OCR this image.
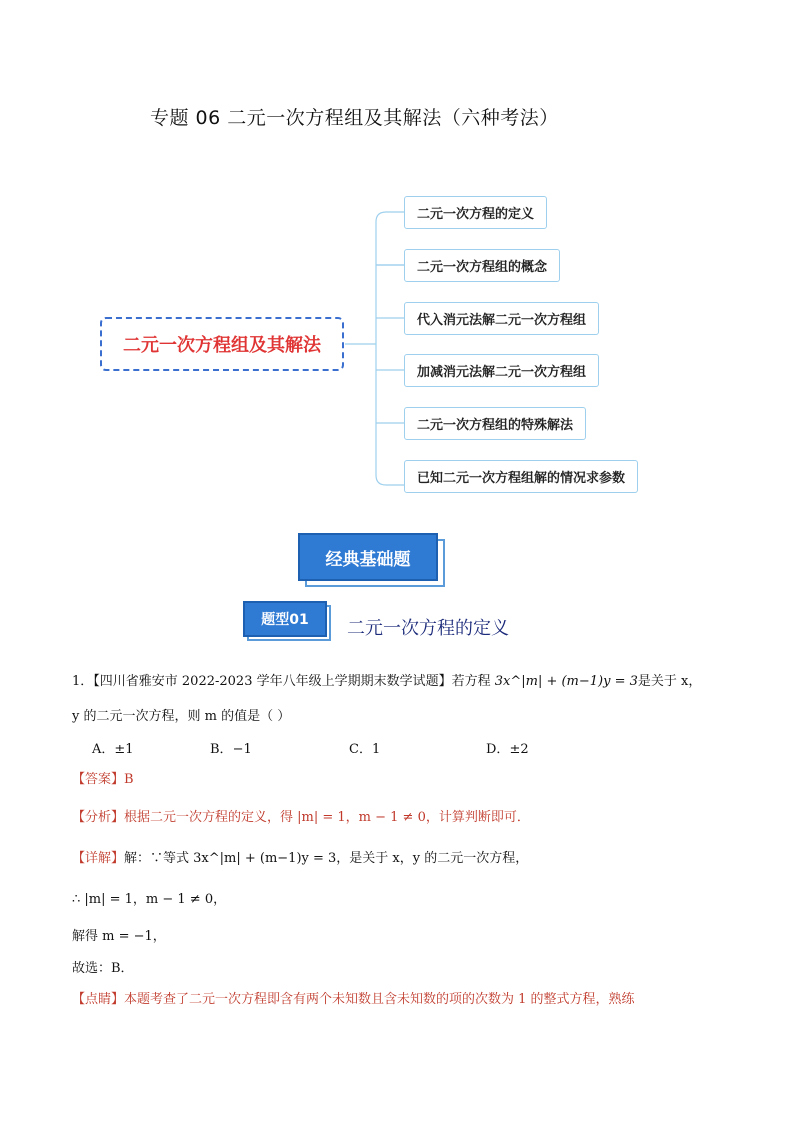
专题 06 二元一次方程组及其解法（六种考法）
二元一次方程组及其解法
二元一次方程的定义
二元一次方程组的概念
代入消元法解二元一次方程组
加减消元法解二元一次方程组
二元一次方程组的特殊解法
已知二元一次方程组解的情况求参数
经典基础题
题型01	二元一次方程的定义
1．【四川省雅安市 2022-2023 学年八年级上学期期末数学试题】若方程 3x^|m| + (m−1)y = 3是关于 x，
y 的二元一次方程，则 m 的值是（ ）
A．±1	B．−1	C．1	D．±2
【答案】B
【分析】根据二元一次方程的定义，得 |m| = 1，m − 1 ≠ 0，计算判断即可．
【详解】解：∵等式 3x^|m| + (m−1)y = 3，是关于 x，y 的二元一次方程，
∴ |m| = 1，m − 1 ≠ 0，
解得 m = −1，
故选：B．
【点睛】本题考查了二元一次方程即含有两个未知数且含未知数的项的次数为 1 的整式方程，熟练
